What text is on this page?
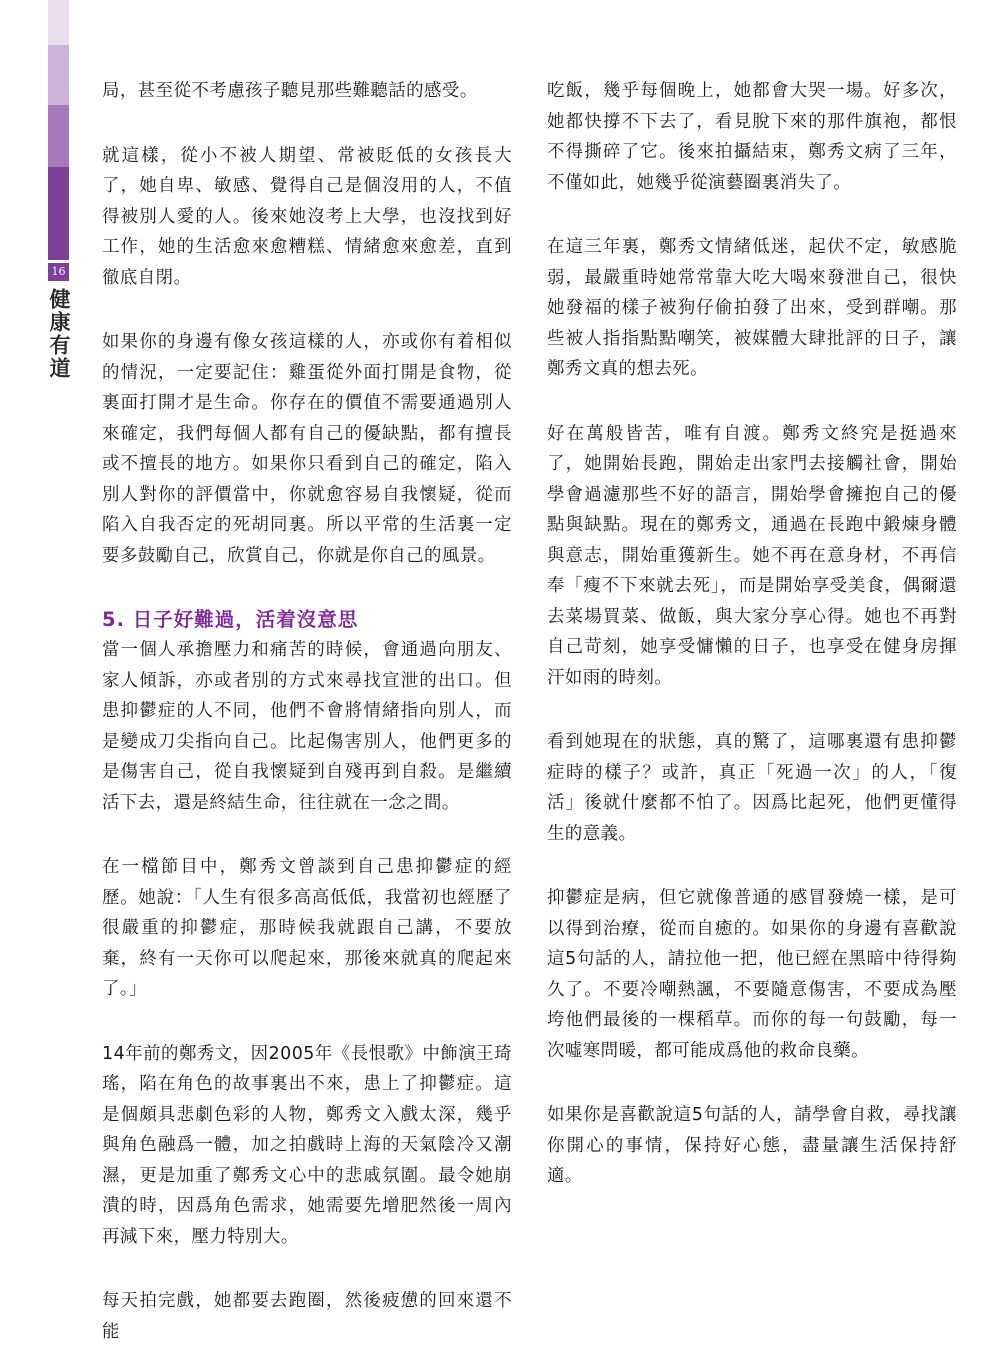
16
健康有道

局，甚至從不考慮孩子聽見那些難聽話的感受。

就這樣，從小不被人期望、常被貶低的女孩長大了，她自卑、敏感、覺得自己是個沒用的人，不值得被別人愛的人。後來她沒考上大學，也沒找到好工作，她的生活愈來愈糟糕、情緒愈來愈差，直到徹底自閉。

如果你的身邊有像女孩這樣的人，亦或你有着相似的情況，一定要記住：雞蛋從外面打開是食物，從裏面打開才是生命。你存在的價值不需要通過別人來確定，我們每個人都有自己的優缺點，都有擅長或不擅長的地方。如果你只看到自己的確定，陷入別人對你的評價當中，你就愈容易自我懷疑，從而陷入自我否定的死胡同裏。所以平常的生活裏一定要多鼓勵自己，欣賞自己，你就是你自己的風景。

5. 日子好難過，活着沒意思

當一個人承擔壓力和痛苦的時候，會通過向朋友、家人傾訴，亦或者別的方式來尋找宣泄的出口。但患抑鬱症的人不同，他們不會將情緒指向別人，而是變成刀尖指向自己。比起傷害別人，他們更多的是傷害自己，從自我懷疑到自殘再到自殺。是繼續活下去，還是終結生命，往往就在一念之間。

在一檔節目中，鄭秀文曾談到自己患抑鬱症的經歷。她說：「人生有很多高高低低，我當初也經歷了很嚴重的抑鬱症，那時候我就跟自己講，不要放棄，終有一天你可以爬起來，那後來就真的爬起來了。」

14年前的鄭秀文，因2005年《長恨歌》中飾演王琦瑤，陷在角色的故事裏出不來，患上了抑鬱症。這是個頗具悲劇色彩的人物，鄭秀文入戲太深，幾乎與角色融爲一體，加之拍戲時上海的天氣陰冷又潮濕，更是加重了鄭秀文心中的悲戚氛圍。最令她崩潰的時，因爲角色需求，她需要先增肥然後一周內再減下來，壓力特別大。

每天拍完戲，她都要去跑圈，然後疲憊的回來還不能

吃飯，幾乎每個晚上，她都會大哭一場。好多次，她都快撐不下去了，看見脫下來的那件旗袍，都恨不得撕碎了它。後來拍攝結束，鄭秀文病了三年，不僅如此，她幾乎從演藝圈裏消失了。

在這三年裏，鄭秀文情緒低迷，起伏不定，敏感脆弱，最嚴重時她常常靠大吃大喝來發泄自己，很快她發福的樣子被狗仔偷拍發了出來，受到群嘲。那些被人指指點點嘲笑，被媒體大肆批評的日子，讓鄭秀文真的想去死。

好在萬般皆苦，唯有自渡。鄭秀文終究是挺過來了，她開始長跑，開始走出家門去接觸社會，開始學會過濾那些不好的語言，開始學會擁抱自己的優點與缺點。現在的鄭秀文，通過在長跑中鍛煉身體與意志，開始重獲新生。她不再在意身材，不再信奉「瘦不下來就去死」，而是開始享受美食，偶爾還去菜場買菜、做飯，與大家分享心得。她也不再對自己苛刻，她享受慵懶的日子，也享受在健身房揮汗如雨的時刻。

看到她現在的狀態，真的驚了，這哪裏還有患抑鬱症時的樣子？或許，真正「死過一次」的人，「復活」後就什麼都不怕了。因爲比起死，他們更懂得生的意義。

抑鬱症是病，但它就像普通的感冒發燒一樣，是可以得到治療，從而自癒的。如果你的身邊有喜歡說這5句話的人，請拉他一把，他已經在黑暗中待得夠久了。不要冷嘲熱諷，不要隨意傷害，不要成為壓垮他們最後的一棵稻草。而你的每一句鼓勵，每一次噓寒問暖，都可能成爲他的救命良藥。

如果你是喜歡說這5句話的人，請學會自救，尋找讓你開心的事情，保持好心態，盡量讓生活保持舒適。
